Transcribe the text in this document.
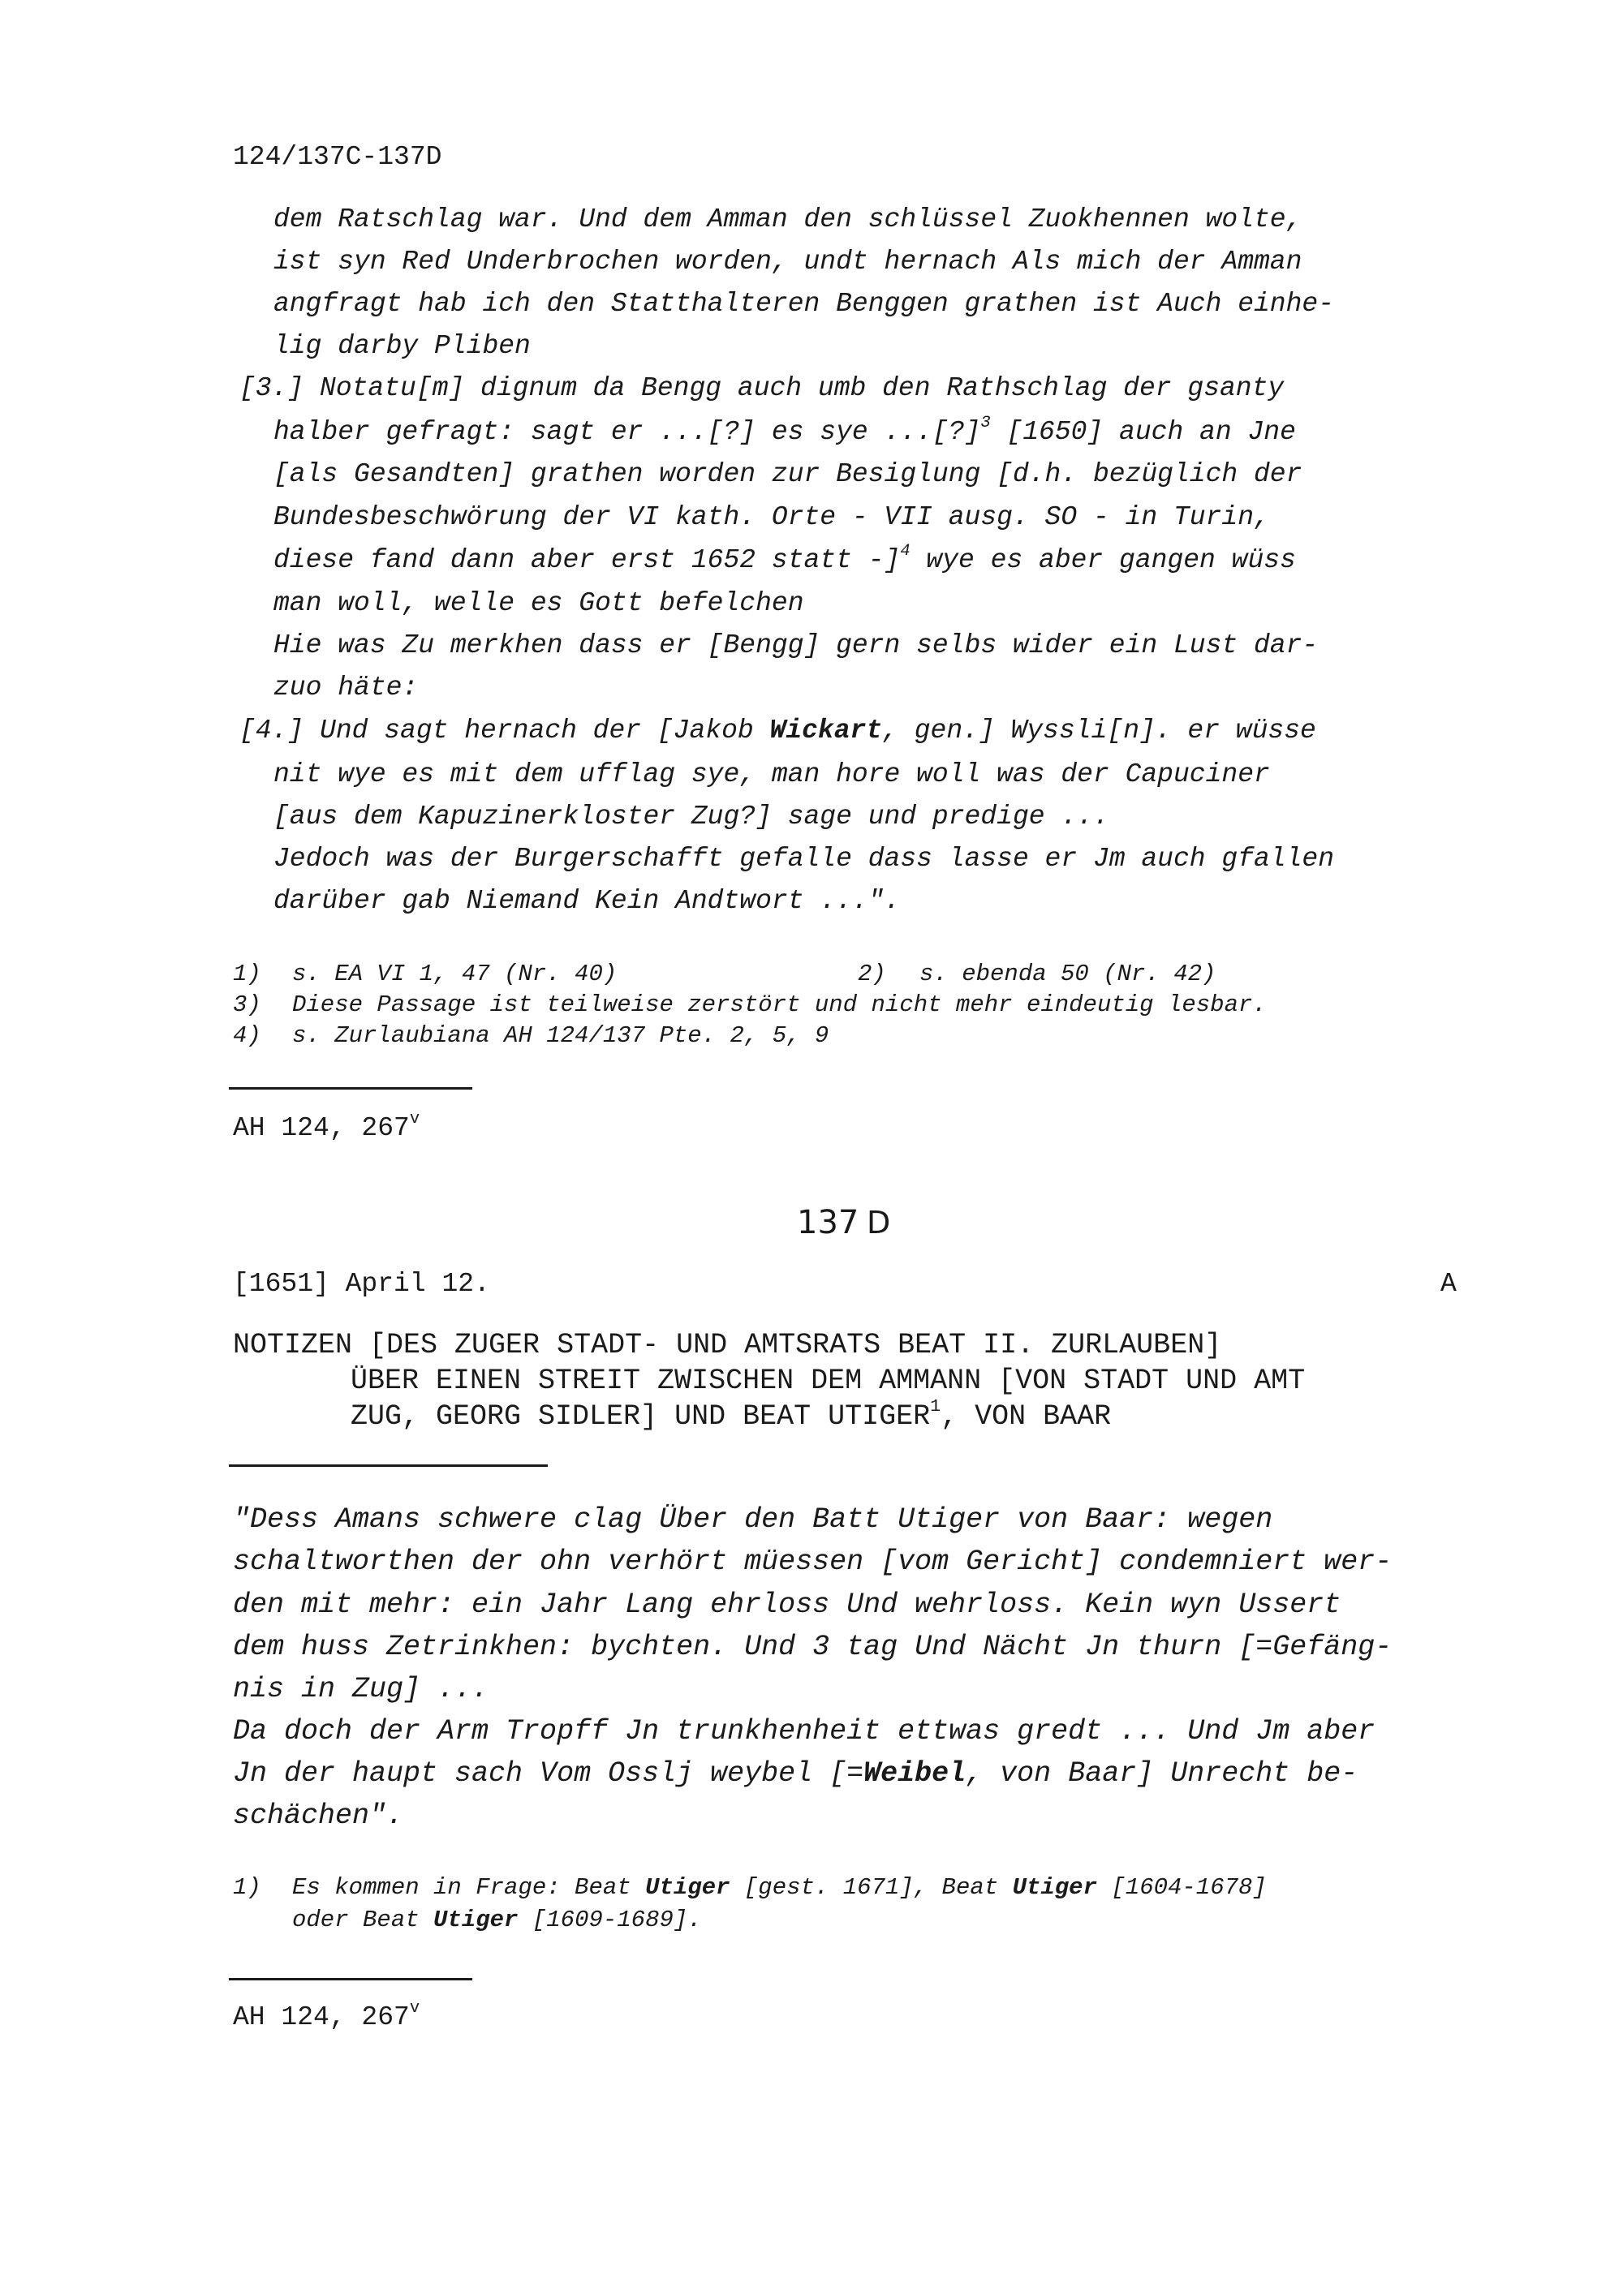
124/137C-137D
dem Ratschlag war. Und dem Amman den schlüssel Zuokhennen wolte,
ist syn Red Underbrochen worden, undt hernach Als mich der Amman
angfragt hab ich den Statthalteren Benggen grathen ist Auch einhe-
lig darby Pliben
[3.] Notatu[m] dignum da Bengg auch umb den Rathschlag der gsanty
halber gefragt: sagt er ...[?] es sye ...[?]$^3$ [1650] auch an Jne
[als Gesandten] grathen worden zur Besiglung [d.h. bezüglich der
Bundesbeschwörung der VI kath. Orte - VII ausg. SO - in Turin,
diese fand dann aber erst 1652 statt -]$^4$ wye es aber gangen wüss
man woll, welle es Gott befelchen
Hie was Zu merkhen dass er [Bengg] gern selbs wider ein Lust dar-
zuo häte:
[4.] Und sagt hernach der [Jakob Wickart, gen.] Wyssli[n]. er wüsse
nit wye es mit dem ufflag sye, man hore woll was der Capuciner
[aus dem Kapuzinerkloster Zug?] sage und predige ...
Jedoch was der Burgerschafft gefalle dass lasse er Jm auch gfallen
darüber gab Niemand Kein Andtwort ...".
1) s. EA VI 1, 47 (Nr. 40)	2) s. ebenda 50 (Nr. 42)
3) Diese Passage ist teilweise zerstört und nicht mehr eindeutig lesbar.
4) s. Zurlaubiana AH 124/137 Pte. 2, 5, 9
AH 124, 267$^v$
137 D
[1651] April 12.	A
NOTIZEN [DES ZUGER STADT- UND AMTSRATS BEAT II. ZURLAUBEN]
ÜBER EINEN STREIT ZWISCHEN DEM AMMANN [VON STADT UND AMT
ZUG, GEORG SIDLER] UND BEAT UTIGER$^1$, VON BAAR
"Dess Amans schwere clag Über den Batt Utiger von Baar: wegen
schaltworthen der ohn verhört müessen [vom Gericht] condemniert wer-
den mit mehr: ein Jahr Lang ehrloss Und wehrloss. Kein wyn Ussert
dem huss Zetrinkhen: bychten. Und 3 tag Und Nächt Jn thurn [=Gefäng-
nis in Zug] ...
Da doch der Arm Tropff Jn trunkhenheit ettwas gredt ... Und Jm aber
Jn der haupt sach Vom Osslj weybel [=Weibel, von Baar] Unrecht be-
schächen".
1) Es kommen in Frage: Beat Utiger [gest. 1671], Beat Utiger [1604-1678]
oder Beat Utiger [1609-1689].
AH 124, 267$^v$
